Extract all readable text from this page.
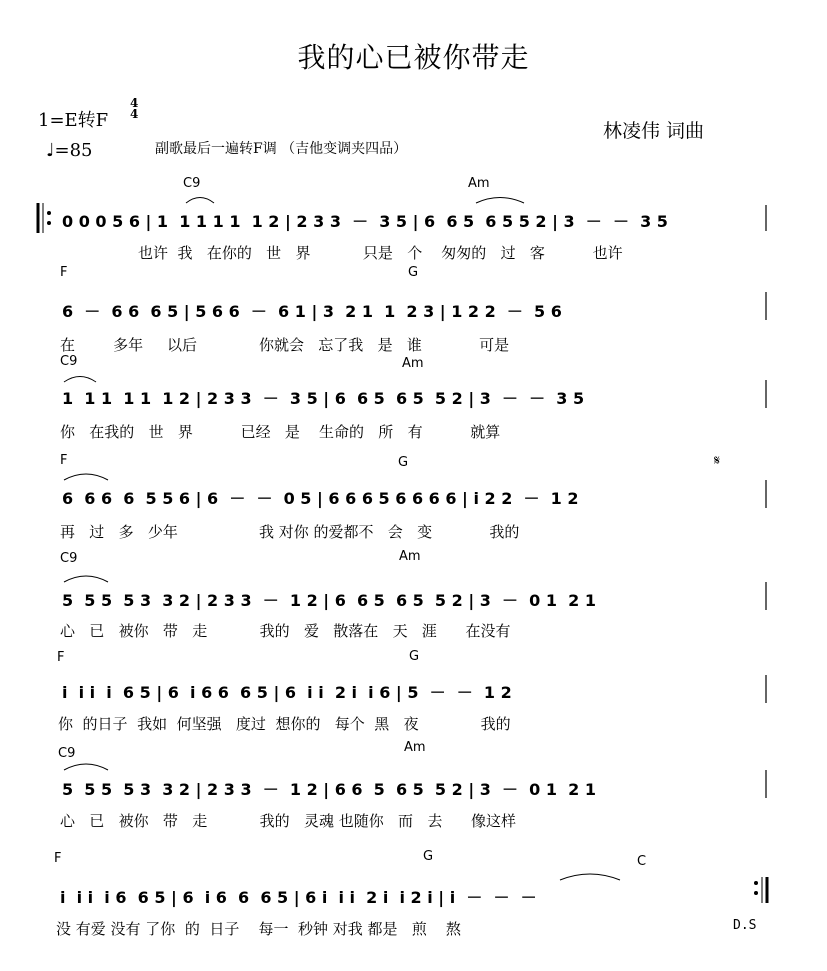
我的心已被你带走
1=E转F
4
4
♩=85	副歌最后一遍转F调 （吉他变调夹四品）
林凌伟 词曲
C9	Am
0 0 0 5 6 | 1  1 1 1 1  1 2 | 2 3 3  －  3 5 | 6  6 5  6 5 5 2 | 3  －  －  3 5
也许  我   在你的   世   界           只是   个    匆匆的   过   客          也许
F	G
6  －  6 6  6 5 | 5 6 6  －  6 1 | 3  2 1  1  2 3 | 1 2 2  －  5 6
在        多年     以后             你就会   忘了我   是   谁            可是
C9	Am
1  1 1  1 1  1 2 | 2 3 3  －  3 5 | 6  6 5  6 5  5 2 | 3  －  －  3 5
你   在我的   世   界          已经   是    生命的   所   有          就算
F	G	𝄋
6  6 6  6  5 5 6 | 6  －  －  0 5 | 6 6 6 5 6 6 6 6 | i 2 2  －  1 2
再   过   多   少年                 我 对你 的爱都不   会   变            我的
C9	Am
5  5 5  5 3  3 2 | 2 3 3  －  1 2 | 6  6 5  6 5  5 2 | 3  －  0 1  2 1
心   已   被你   带   走           我的   爱   散落在   天   涯      在没有
F	G
i  i i  i  6 5 | 6  i 6 6  6 5 | 6  i i  2 i  i 6 | 5  －  －  1 2
你  的日子  我如  何坚强   度过  想你的   每个  黑   夜             我的
C9	Am
5  5 5  5 3  3 2 | 2 3 3  －  1 2 | 6 6  5  6 5  5 2 | 3  －  0 1  2 1
心   已   被你   带   走           我的   灵魂 也随你   而   去      像这样
F	G	C
i  i i  i 6  6 5 | 6  i 6  6  6 5 | 6 i  i i  2 i  i 2 i | i  －  －  －
没 有爱 没有 了你  的  日子    每一  秒钟 对我 都是   煎    熬	D.S
